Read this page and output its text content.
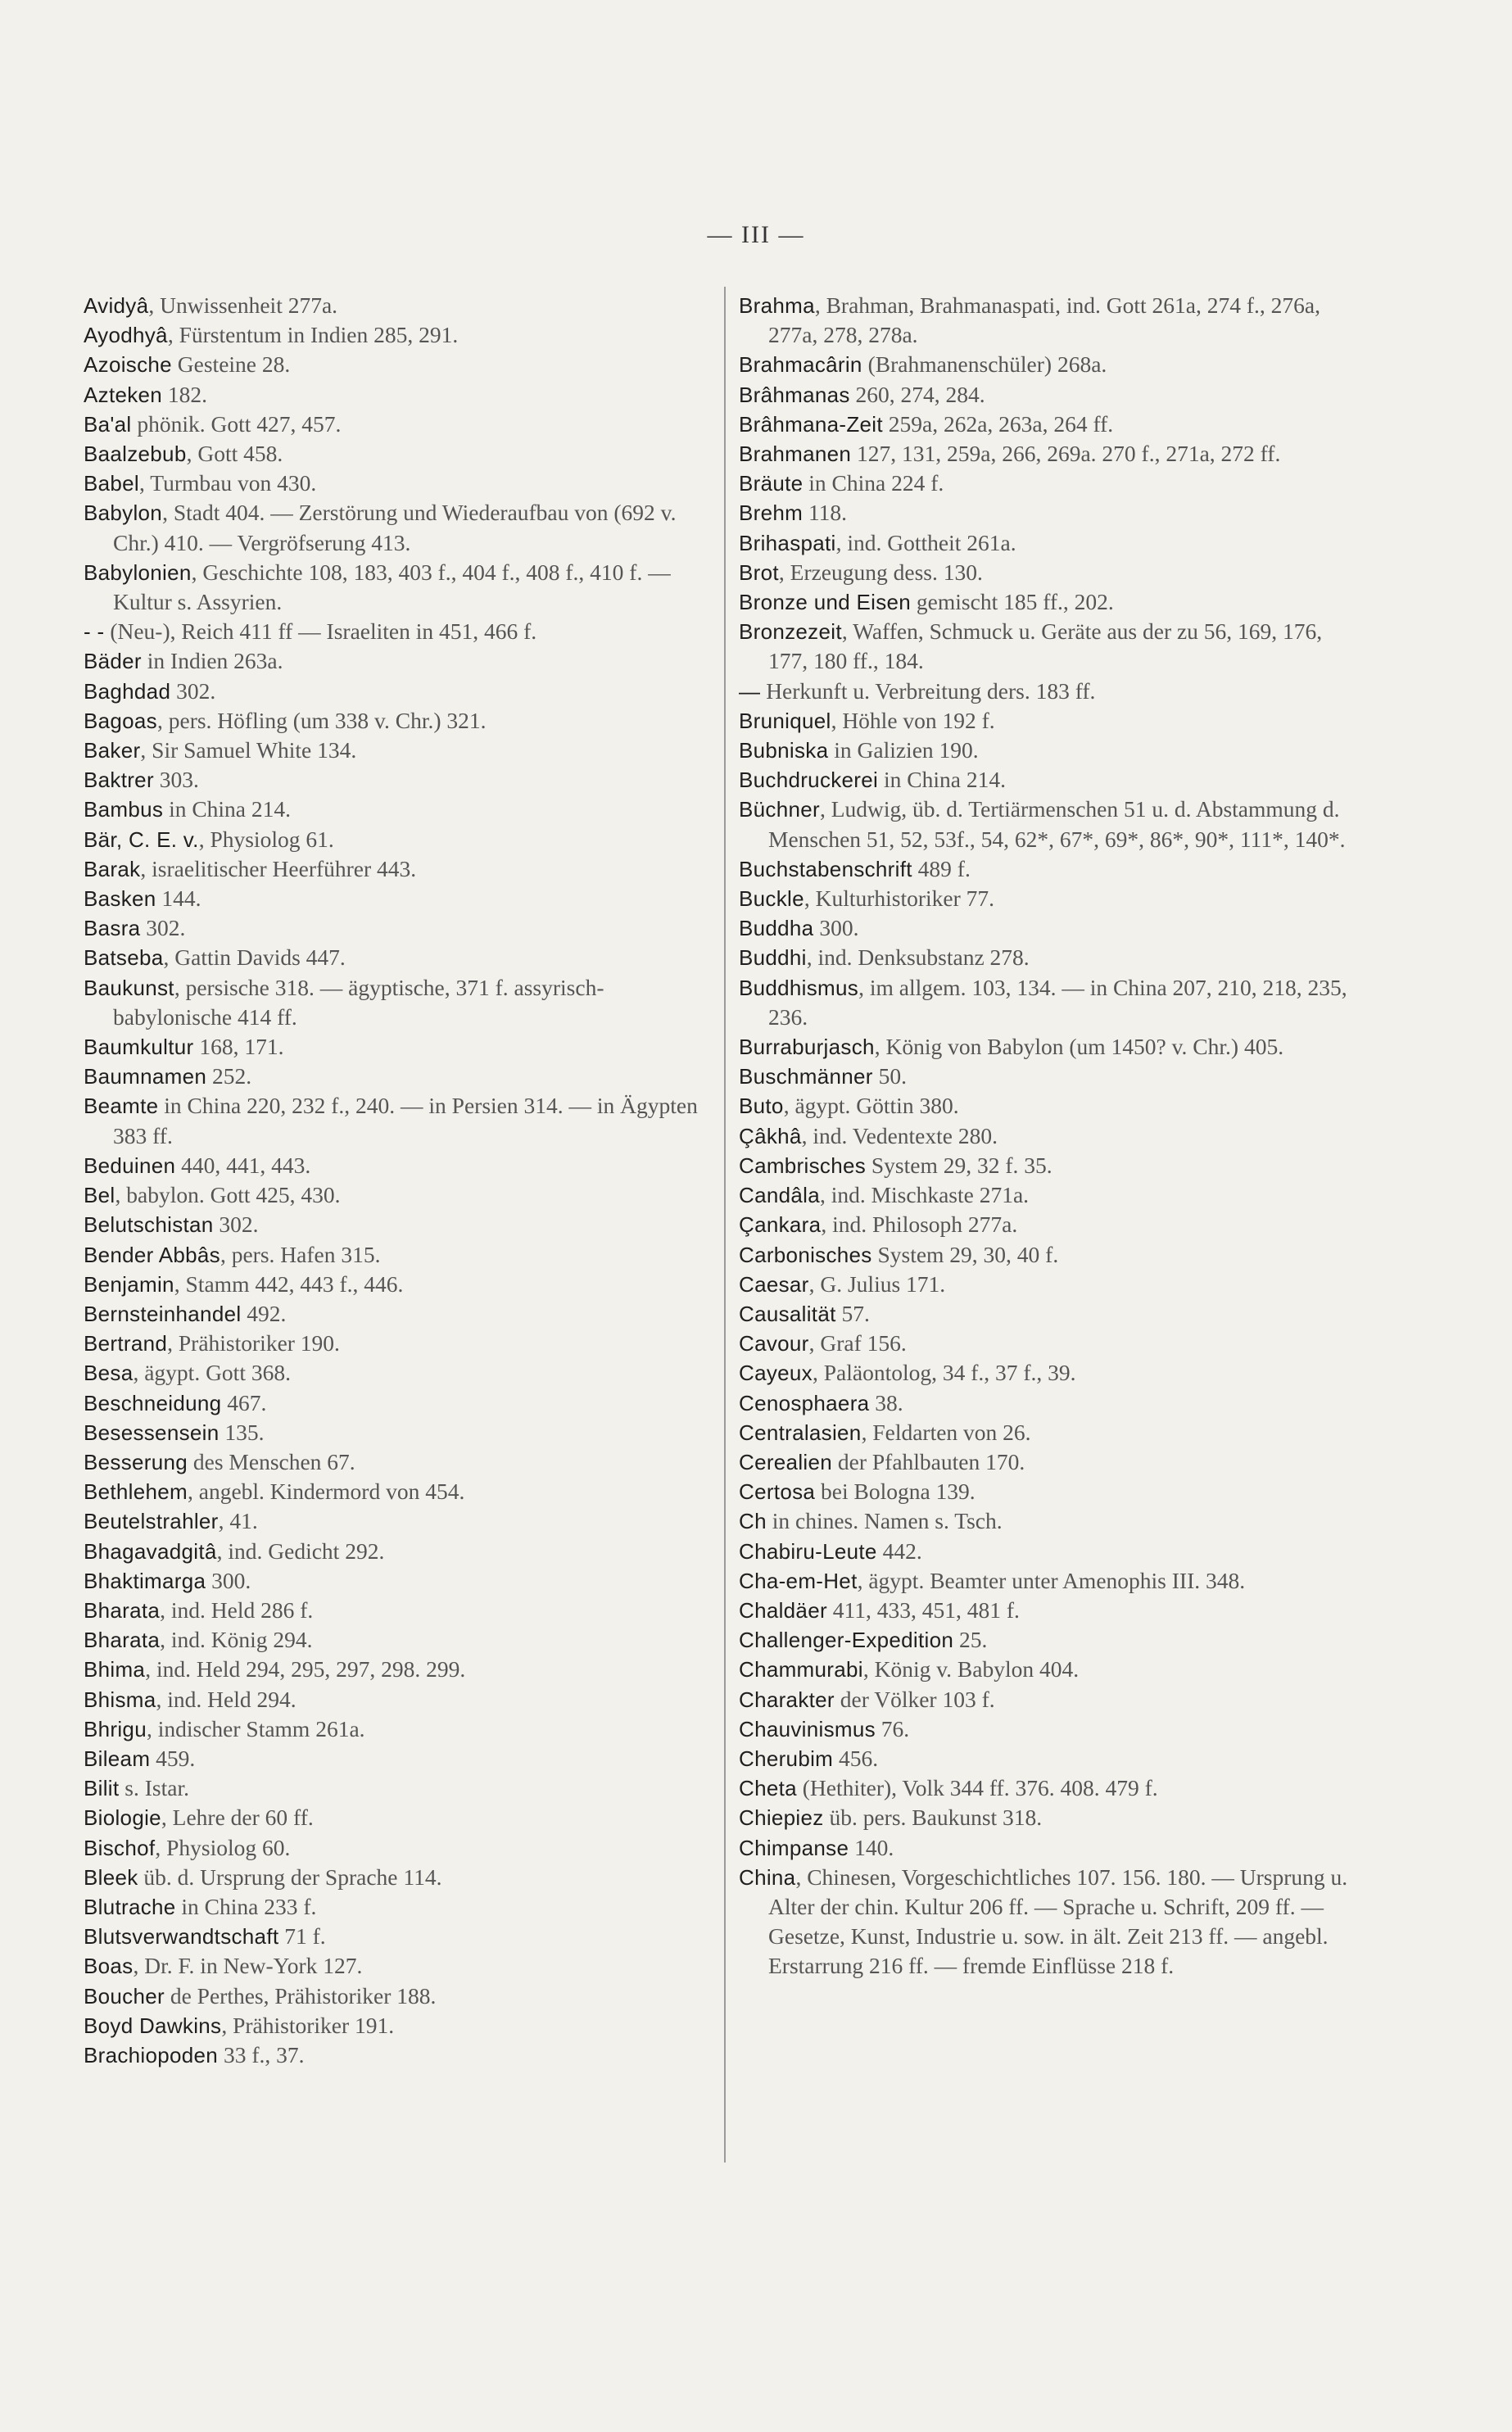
— III —

Avidyâ, Unwissenheit 277a.

Ayodhyâ, Fürstentum in Indien 285, 291.

Azoische Gesteine 28.

Azteken 182.

Ba'al phönik. Gott 427, 457.

Baalzebub, Gott 458.

Babel, Turmbau von 430.

Babylon, Stadt 404. — Zerstörung und Wiederaufbau von (692 v. Chr.) 410. — Vergröfserung 413.

Babylonien, Geschichte 108, 183, 403 f., 404 f., 408 f., 410 f. — Kultur s. Assyrien.

- - (Neu-), Reich 411 ff — Israeliten in 451, 466 f.

Bäder in Indien 263a.

Baghdad 302.

Bagoas, pers. Höfling (um 338 v. Chr.) 321.

Baker, Sir Samuel White 134.

Baktrer 303.

Bambus in China 214.

Bär, C. E. v., Physiolog 61.

Barak, israelitischer Heerführer 443.

Basken 144.

Basra 302.

Batseba, Gattin Davids 447.

Baukunst, persische 318. — ägyptische, 371 f. assyrisch-babylonische 414 ff.

Baumkultur 168, 171.

Baumnamen 252.

Beamte in China 220, 232 f., 240. — in Persien 314. — in Ägypten 383 ff.

Beduinen 440, 441, 443.

Bel, babylon. Gott 425, 430.

Belutschistan 302.

Bender Abbâs, pers. Hafen 315.

Benjamin, Stamm 442, 443 f., 446.

Bernsteinhandel 492.

Bertrand, Prähistoriker 190.

Besa, ägypt. Gott 368.

Beschneidung 467.

Besessensein 135.

Besserung des Menschen 67.

Bethlehem, angebl. Kindermord von 454.

Beutelstrahler, 41.

Bhagavadgitâ, ind. Gedicht 292.

Bhaktimarga 300.

Bharata, ind. Held 286 f.

Bharata, ind. König 294.

Bhima, ind. Held 294, 295, 297, 298. 299.

Bhisma, ind. Held 294.

Bhrigu, indischer Stamm 261a.

Bileam 459.

Bilit s. Istar.

Biologie, Lehre der 60 ff.

Bischof, Physiolog 60.

Bleek üb. d. Ursprung der Sprache 114.

Blutrache in China 233 f.

Blutsverwandtschaft 71 f.

Boas, Dr. F. in New-York 127.

Boucher de Perthes, Prähistoriker 188.

Boyd Dawkins, Prähistoriker 191.

Brachiopoden 33 f., 37.

Brahma, Brahman, Brahmanaspati, ind. Gott 261a, 274 f., 276a, 277a, 278, 278a.

Brahmacârin (Brahmanenschüler) 268a.

Brâhmanas 260, 274, 284.

Brâhmana-Zeit 259a, 262a, 263a, 264 ff.

Brahmanen 127, 131, 259a, 266, 269a. 270 f., 271a, 272 ff.

Bräute in China 224 f.

Brehm 118.

Brihaspati, ind. Gottheit 261a.

Brot, Erzeugung dess. 130.

Bronze und Eisen gemischt 185 ff., 202.

Bronzezeit, Waffen, Schmuck u. Geräte aus der zu 56, 169, 176, 177, 180 ff., 184.

— Herkunft u. Verbreitung ders. 183 ff.

Bruniquel, Höhle von 192 f.

Bubniska in Galizien 190.

Buchdruckerei in China 214.

Büchner, Ludwig, üb. d. Tertiärmenschen 51 u. d. Abstammung d. Menschen 51, 52, 53f., 54, 62*, 67*, 69*, 86*, 90*, 111*, 140*.

Buchstabenschrift 489 f.

Buckle, Kulturhistoriker 77.

Buddha 300.

Buddhi, ind. Denksubstanz 278.

Buddhismus, im allgem. 103, 134. — in China 207, 210, 218, 235, 236.

Burraburjasch, König von Babylon (um 1450? v. Chr.) 405.

Buschmänner 50.

Buto, ägypt. Göttin 380.

Çâkhâ, ind. Vedentexte 280.

Cambrisches System 29, 32 f. 35.

Candâla, ind. Mischkaste 271a.

Çankara, ind. Philosoph 277a.

Carbonisches System 29, 30, 40 f.

Caesar, G. Julius 171.

Causalität 57.

Cavour, Graf 156.

Cayeux, Paläontolog, 34 f., 37 f., 39.

Cenosphaera 38.

Centralasien, Feldarten von 26.

Cerealien der Pfahlbauten 170.

Certosa bei Bologna 139.

Ch in chines. Namen s. Tsch.

Chabiru-Leute 442.

Cha-em-Het, ägypt. Beamter unter Amenophis III. 348.

Chaldäer 411, 433, 451, 481 f.

Challenger-Expedition 25.

Chammurabi, König v. Babylon 404.

Charakter der Völker 103 f.

Chauvinismus 76.

Cherubim 456.

Cheta (Hethiter), Volk 344 ff. 376. 408. 479 f.

Chiepiez üb. pers. Baukunst 318.

Chimpanse 140.

China, Chinesen, Vorgeschichtliches 107. 156. 180. — Ursprung u. Alter der chin. Kultur 206 ff. — Sprache u. Schrift, 209 ff. — Gesetze, Kunst, Industrie u. sow. in ält. Zeit 213 ff. — angebl. Erstarrung 216 ff. — fremde Einflüsse 218 f.
